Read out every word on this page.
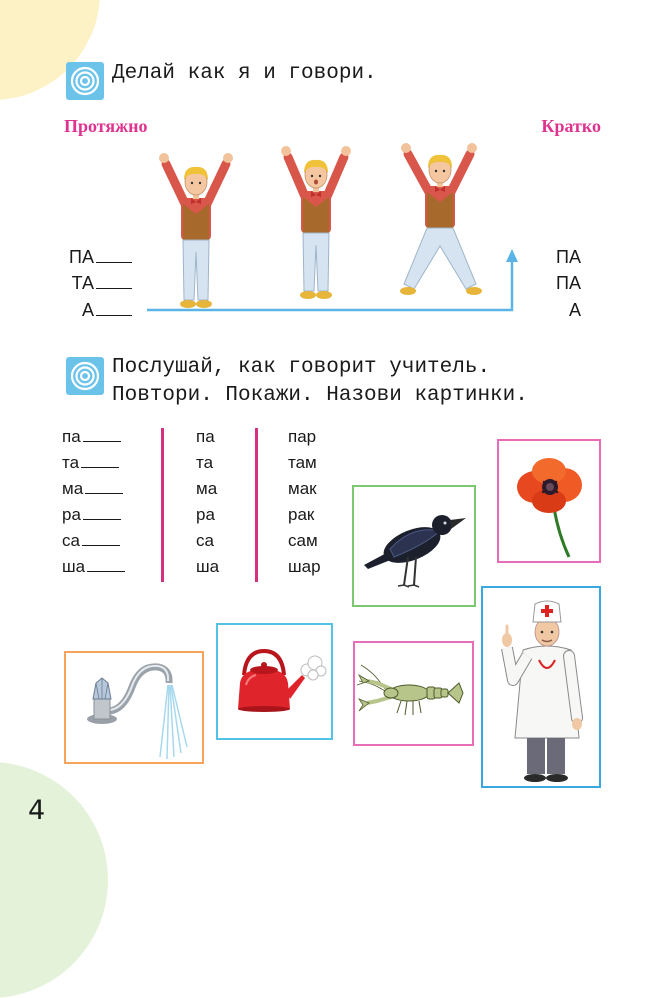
Делай как я и говори.
Протяжно	Кратко
ПА
ТА
А
ПА
ПА
А
Послушай, как говорит учитель.
Повтори. Покажи. Назови картинки.
па
та
ма
ра
са
ша
па
та
ма
ра
са
ша
пар
там
мак
рак
сам
шар
4
